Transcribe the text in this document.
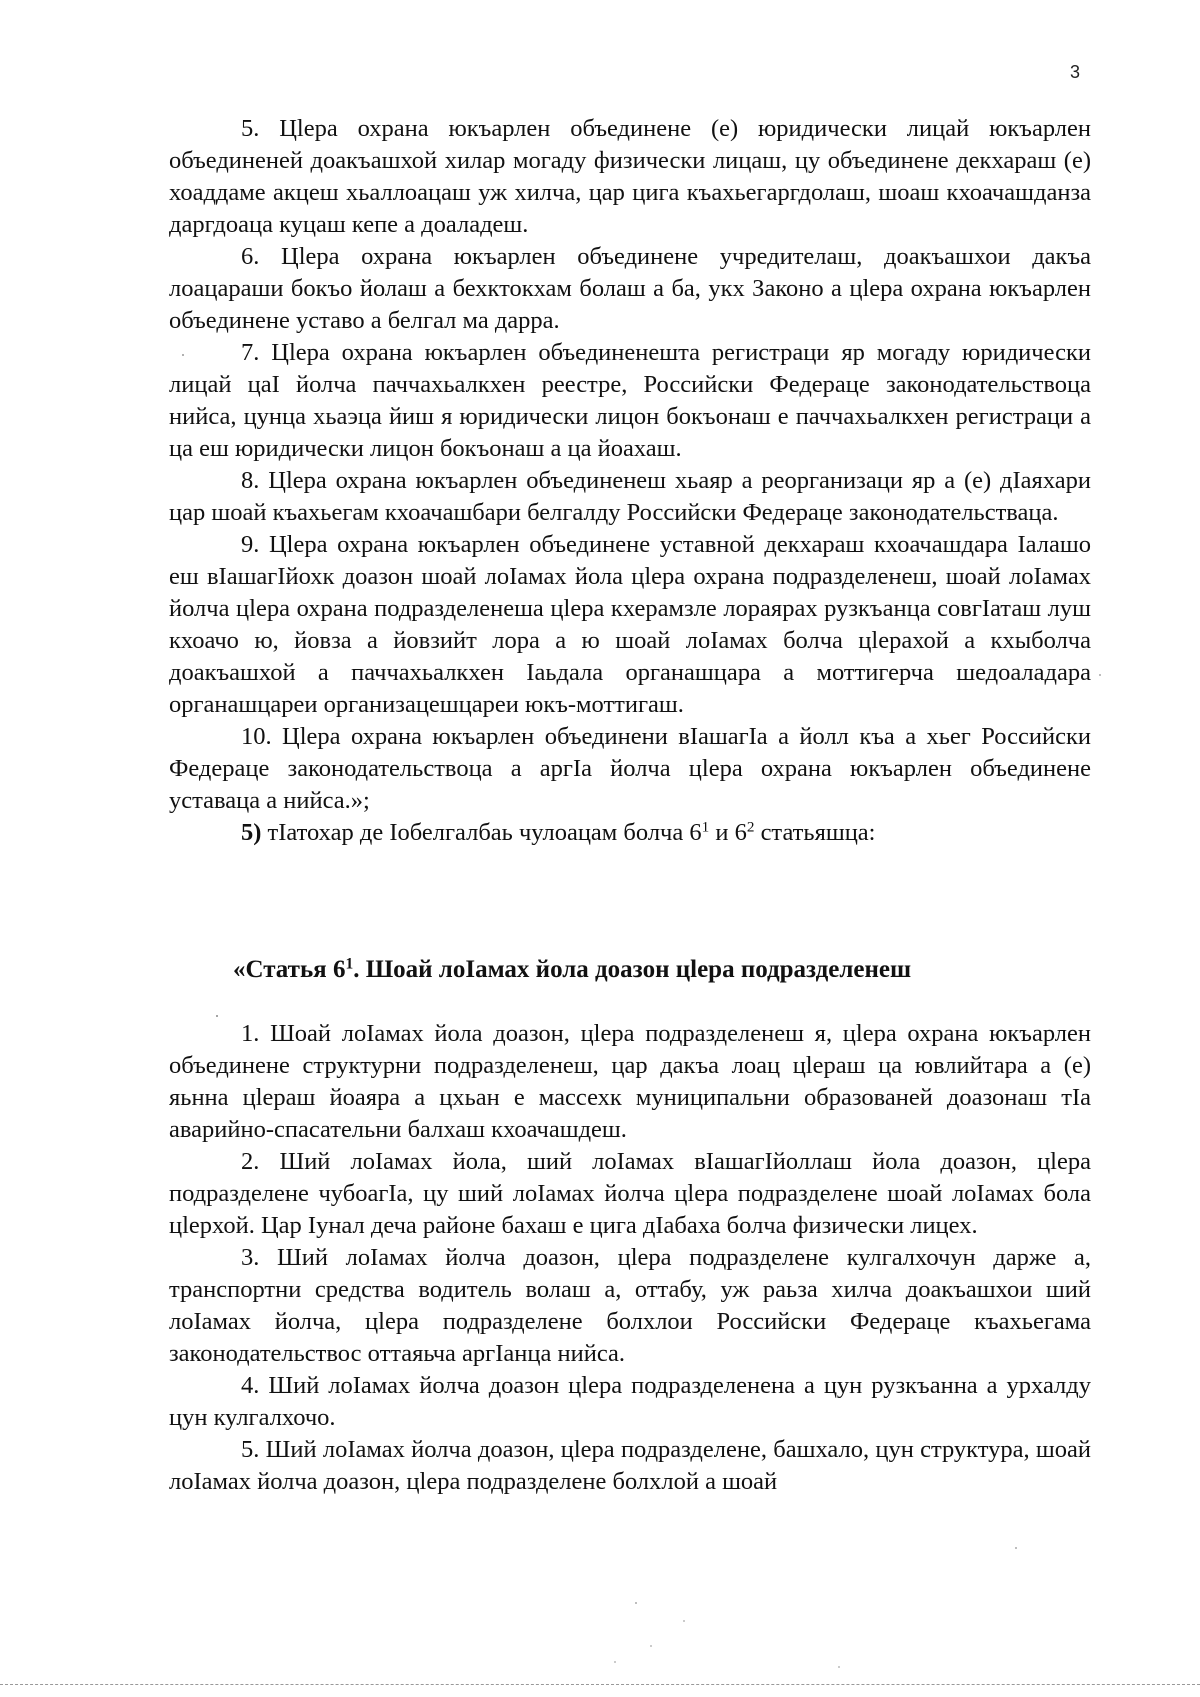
3

5. Цlера охрана юкъарлен объединене (е) юридически лицай юкъарлен объединеней доакъашхой хилар могаду физически лицаш, цу объединене декхараш (е) хоаддаме акцеш хьаллоацаш уж хилча, цар цига къахьегаргдолаш, шоаш кхоачашданза даргдоаца куцаш кепе а доаладеш.

6. Цlера охрана юкъарлен объединене учредителаш, доакъашхои дакъа лоацараши бокъо йолаш а бехктокхам болаш а ба, укх Законо а цlера охрана юкъарлен объединене уставо а белгал ма дарра.

7. Цlера охрана юкъарлен объединенешта регистраци яр могаду юридически лицай цаI йолча паччахьалкхен реестре, Российски Федераце законодательствоца нийса, цунца хьаэца йиш я юридически лицон бокъонаш е паччахьалкхен регистраци а ца еш юридически лицон бокъонаш а ца йоахаш.

8. Цlера охрана юкъарлен объединенеш хьаяр а реорганизаци яр а (е) дIаяхари цар шоай къахьегам кхоачашбари белгалду Российски Федераце законодательстваца.

9. Цlера охрана юкъарлен объединене уставной декхараш кхоачашдара Iалашо еш вIашагIйохк доазон шоай лоIамах йола цlера охрана подразделенеш, шоай лоIамах йолча цlера охрана подразделенеша цlера кхерамзле лораярах рузкъанца совгIаташ луш кхоачо ю, йовза а йовзийт лора а ю шоай лоIамах болча цlерахой а кхыболча доакъашхой а паччахьалкхен Iаьдала органашцара а моттигерча шедоаладара органашцареи организацешцареи юкъ-моттигаш.

10. Цlера охрана юкъарлен объединени вIашагIа а йолл къа а хьег Российски Федераце законодательствоца а аргIа йолча цlера охрана юкъарлен объединене уставаца а нийса.»;

5) тIатохар де Iобелгалбаь чулоацам болча $6^1$ и $6^2$ статьяшца:

«Статья $6^1$. Шоай лоIамах йола доазон цlера подразделенеш

1. Шоай лоIамах йола доазон, цlера подразделенеш я, цlера охрана юкъарлен объединене структурни подразделенеш, цар дакъа лоац цlераш ца ювлийтара а (е) яьнна цlераш йоаяра а цхьан е массехк муниципальни образованей доазонаш тIа аварийно-спасательни балхаш кхоачашдеш.

2. Ший лоIамах йола, ший лоIамах вIашагIйоллаш йола доазон, цlера подразделене чубоагIа, цу ший лоIамах йолча цlера подразделене шоай лоIамах бола цlерхой. Цар Iунал деча районе бахаш е цига дIабаха болча физически лицех.

3. Ший лоIамах йолча доазон, цlера подразделене кулгалхочун дарже а, транспортни средства водитель волаш а, оттабу, уж раьза хилча доакъашхои ший лоIамах йолча, цlера подразделене болхлои Российски Федераце къахьегама законодательствос оттаяьча аргIанца нийса.

4. Ший лоIамах йолча доазон цlера подразделенена а цун рузкъанна а урхалду цун кулгалхочо.

5. Ший лоIамах йолча доазон, цlера подразделене, башхало, цун структура, шоай лоIамах йолча доазон, цlера подразделене болхлой а шоай
